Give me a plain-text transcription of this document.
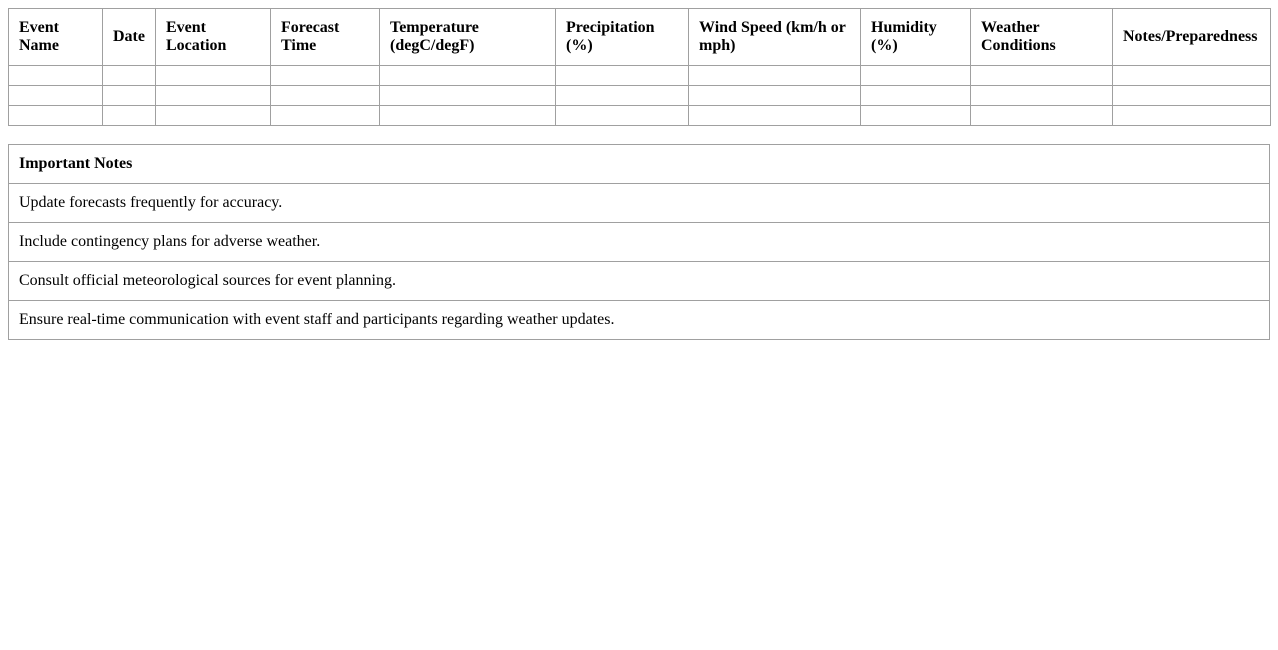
Event Name	Date	Event Location	Forecast Time	Temperature (degC/degF)	Precipitation (%)	Wind Speed (km/h or mph)	Humidity (%)	Weather Conditions	Notes/Preparedness

Important Notes
Update forecasts frequently for accuracy.
Include contingency plans for adverse weather.
Consult official meteorological sources for event planning.
Ensure real-time communication with event staff and participants regarding weather updates.
